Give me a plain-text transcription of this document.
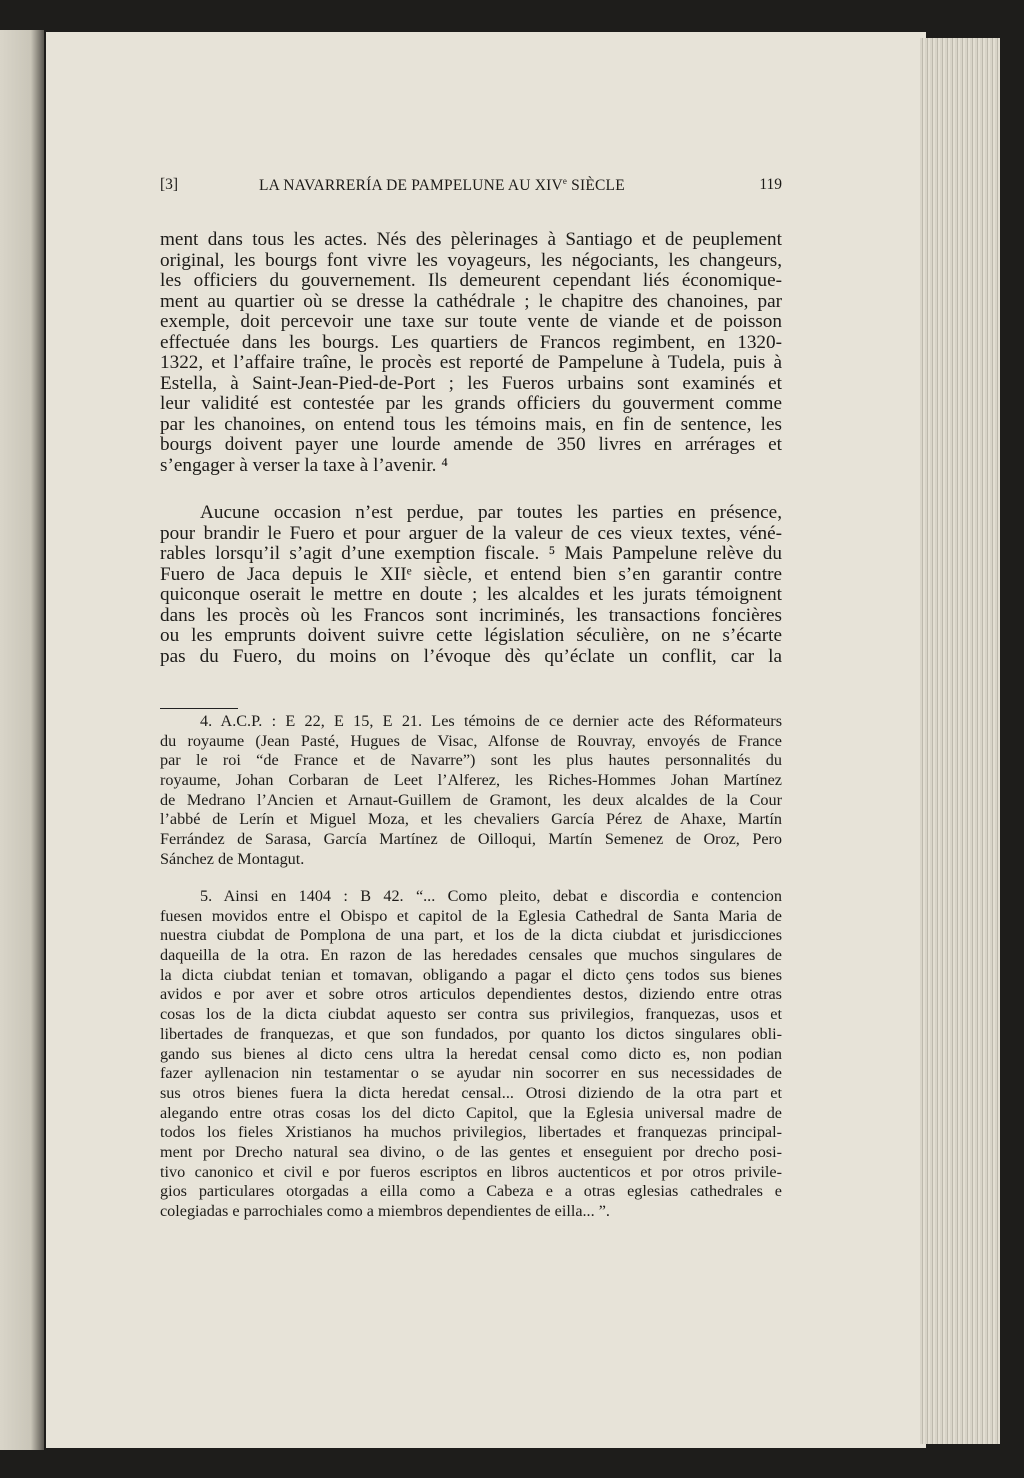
[3]	LA NAVARRERÍA DE PAMPELUNE AU XIVe SIÈCLE	119
ment dans tous les actes. Nés des pèlerinages à Santiago et de peuplement
original, les bourgs font vivre les voyageurs, les négociants, les changeurs,
les officiers du gouvernement. Ils demeurent cependant liés économique-
ment au quartier où se dresse la cathédrale ; le chapitre des chanoines, par
exemple, doit percevoir une taxe sur toute vente de viande et de poisson
effectuée dans les bourgs. Les quartiers de Francos regimbent, en 1320-
1322, et l’affaire traîne, le procès est reporté de Pampelune à Tudela, puis à
Estella, à Saint-Jean-Pied-de-Port ; les Fueros urbains sont examinés et
leur validité est contestée par les grands officiers du gouverment comme
par les chanoines, on entend tous les témoins mais, en fin de sentence, les
bourgs doivent payer une lourde amende de 350 livres en arrérages et
s’engager à verser la taxe à l’avenir. ⁴
Aucune occasion n’est perdue, par toutes les parties en présence,
pour brandir le Fuero et pour arguer de la valeur de ces vieux textes, véné-
rables lorsqu’il s’agit d’une exemption fiscale. ⁵ Mais Pampelune relève du
Fuero de Jaca depuis le XIIᵉ siècle, et entend bien s’en garantir contre
quiconque oserait le mettre en doute ; les alcaldes et les jurats témoignent
dans les procès où les Francos sont incriminés, les transactions foncières
ou les emprunts doivent suivre cette législation séculière, on ne s’écarte
pas du Fuero, du moins on l’évoque dès qu’éclate un conflit, car la
4. A.C.P. : E 22, E 15, E 21. Les témoins de ce dernier acte des Réformateurs
du royaume (Jean Pasté, Hugues de Visac, Alfonse de Rouvray, envoyés de France
par le roi “de France et de Navarre”) sont les plus hautes personnalités du
royaume, Johan Corbaran de Leet l’Alferez, les Riches-Hommes Johan Martínez
de Medrano l’Ancien et Arnaut-Guillem de Gramont, les deux alcaldes de la Cour
l’abbé de Lerín et Miguel Moza, et les chevaliers García Pérez de Ahaxe, Martín
Ferrández de Sarasa, García Martínez de Oilloqui, Martín Semenez de Oroz, Pero
Sánchez de Montagut.
5. Ainsi en 1404 : B 42. “... Como pleito, debat e discordia e contencion
fuesen movidos entre el Obispo et capitol de la Eglesia Cathedral de Santa Maria de
nuestra ciubdat de Pomplona de una part, et los de la dicta ciubdat et jurisdicciones
daqueilla de la otra. En razon de las heredades censales que muchos singulares de
la dicta ciubdat tenian et tomavan, obligando a pagar el dicto çens todos sus bienes
avidos e por aver et sobre otros articulos dependientes destos, diziendo entre otras
cosas los de la dicta ciubdat aquesto ser contra sus privilegios, franquezas, usos et
libertades de franquezas, et que son fundados, por quanto los dictos singulares obli-
gando sus bienes al dicto cens ultra la heredat censal como dicto es, non podian
fazer ayllenacion nin testamentar o se ayudar nin socorrer en sus necessidades de
sus otros bienes fuera la dicta heredat censal... Otrosi diziendo de la otra part et
alegando entre otras cosas los del dicto Capitol, que la Eglesia universal madre de
todos los fieles Xristianos ha muchos privilegios, libertades et franquezas principal-
ment por Drecho natural sea divino, o de las gentes et enseguient por drecho posi-
tivo canonico et civil e por fueros escriptos en libros auctenticos et por otros privile-
gios particulares otorgadas a eilla como a Cabeza e a otras eglesias cathedrales e
colegiadas e parrochiales como a miembros dependientes de eilla... ”.
